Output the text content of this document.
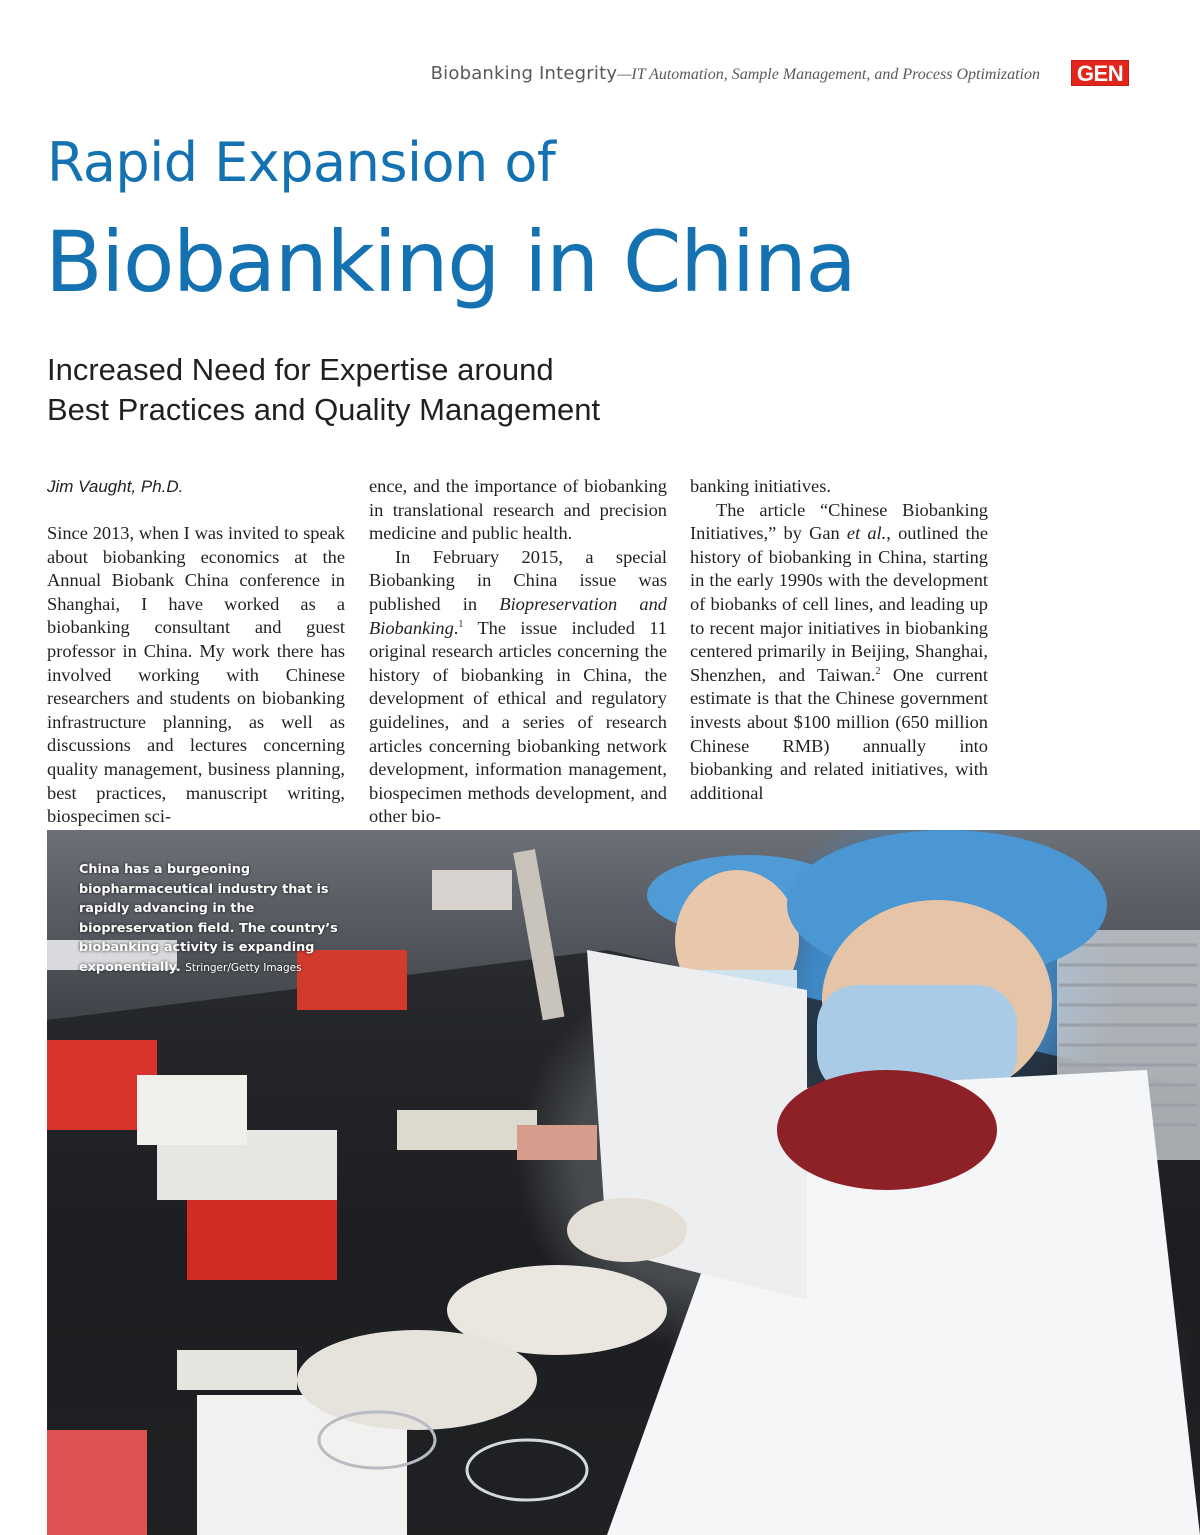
Biobanking Integrity—IT Automation, Sample Management, and Process Optimization GEN
Rapid Expansion of
Biobanking in China
Increased Need for Expertise around
Best Practices and Quality Management

Jim Vaught, Ph.D.

Since 2013, when I was invited to speak about biobanking economics at the Annual Biobank China conference in Shanghai, I have worked as a biobanking consultant and guest professor in China. My work there has involved working with Chinese researchers and students on biobanking infrastructure planning, as well as discussions and lectures concerning quality management, business planning, best practices, manuscript writing, biospecimen sci-

ence, and the importance of biobanking in translational research and precision medicine and public health.

In February 2015, a special Biobanking in China issue was published in Biopreservation and Biobanking.$^1$ The issue included 11 original research articles concerning the history of biobanking in China, the development of ethical and regulatory guidelines, and a series of research articles concerning biobanking network development, information management, biospecimen methods development, and other bio-

banking initiatives.

The article “Chinese Biobanking Initiatives,” by Gan et al., outlined the history of biobanking in China, starting in the early 1990s with the development of biobanks of cell lines, and leading up to recent major initiatives in biobanking centered primarily in Beijing, Shanghai, Shenzhen, and Taiwan.$^2$ One current estimate is that the Chinese government invests about $100 million (650 million Chinese RMB) annually into biobanking and related initiatives, with additional

China has a burgeoning biopharmaceutical industry that is rapidly advancing in the biopreservation field. The country’s biobanking activity is expanding exponentially. Stringer/Getty Images
